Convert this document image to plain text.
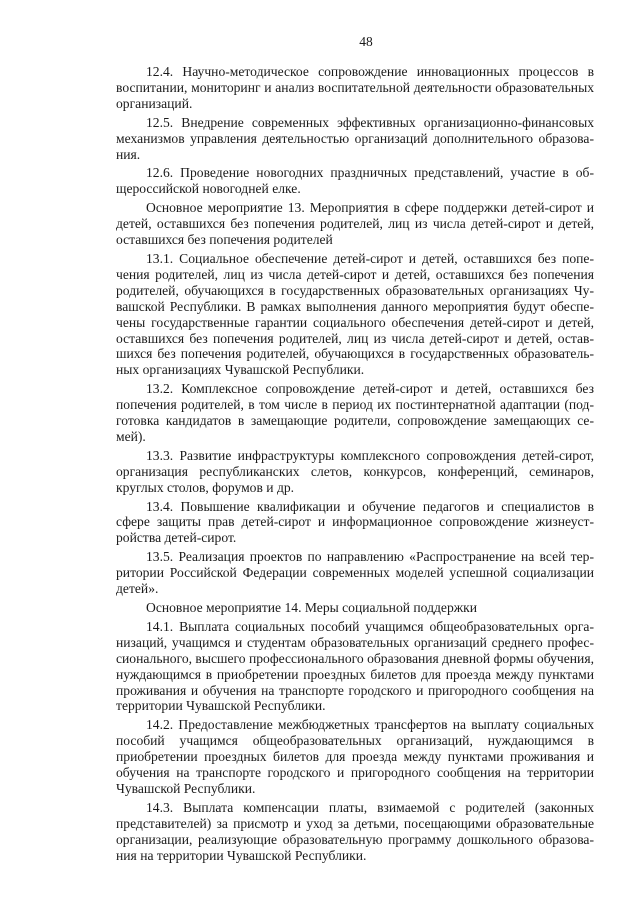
48

12.4. Научно-методическое сопровождение инновационных процессов в воспитании, мониторинг и анализ воспитательной деятельности образовательных организаций.

12.5. Внедрение современных эффективных организационно-финансовых механизмов управления деятельностью организаций дополнительного образования.

12.6. Проведение новогодних праздничных представлений, участие в общероссийской новогодней елке.

Основное мероприятие 13. Мероприятия в сфере поддержки детей-сирот и детей, оставшихся без попечения родителей, лиц из числа детей-сирот и детей, оставшихся без попечения родителей

13.1. Социальное обеспечение детей-сирот и детей, оставшихся без попечения родителей, лиц из числа детей-сирот и детей, оставшихся без попечения родителей, обучающихся в государственных образовательных организациях Чувашской Республики. В рамках выполнения данного мероприятия будут обеспечены государственные гарантии социального обеспечения детей-сирот и детей, оставшихся без попечения родителей, лиц из числа детей-сирот и детей, оставшихся без попечения родителей, обучающихся в государственных образовательных организациях Чувашской Республики.

13.2. Комплексное сопровождение детей-сирот и детей, оставшихся без попечения родителей, в том числе в период их постинтернатной адаптации (подготовка кандидатов в замещающие родители, сопровождение замещающих семей).

13.3. Развитие инфраструктуры комплексного сопровождения детей-сирот, организация республиканских слетов, конкурсов, конференций, семинаров, круглых столов, форумов и др.

13.4. Повышение квалификации и обучение педагогов и специалистов в сфере защиты прав детей-сирот и информационное сопровождение жизнеустройства детей-сирот.

13.5. Реализация проектов по направлению «Распространение на всей территории Российской Федерации современных моделей успешной социализации детей».

Основное мероприятие 14. Меры социальной поддержки

14.1. Выплата социальных пособий учащимся общеобразовательных организаций, учащимся и студентам образовательных организаций среднего профессионального, высшего профессионального образования дневной формы обучения, нуждающимся в приобретении проездных билетов для проезда между пунктами проживания и обучения на транспорте городского и пригородного сообщения на территории Чувашской Республики.

14.2. Предоставление межбюджетных трансфертов на выплату социальных пособий учащимся общеобразовательных организаций, нуждающимся в приобретении проездных билетов для проезда между пунктами проживания и обучения на транспорте городского и пригородного сообщения на территории Чувашской Республики.

14.3. Выплата компенсации платы, взимаемой с родителей (законных представителей) за присмотр и уход за детьми, посещающими образовательные организации, реализующие образовательную программу дошкольного образования на территории Чувашской Республики.
